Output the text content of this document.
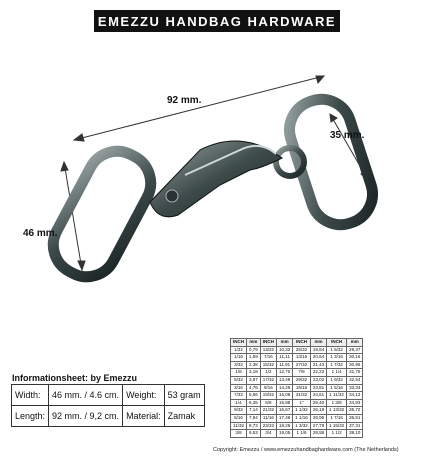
EMEZZU HANDBAG HARDWARE
92 mm.
46 mm.
35 mm.
Informationsheet: by Emezzu
Width:	46 mm. / 4.6 cm.	Weight:	53 gram
Length:	92 mm. / 9,2 cm.	Material:	Zamak
INCH	mm	INCH	mm	INCH	mm	INCH	mm
1/32	0,79	13/32	10,32	25/32	19,84	1 5/32	29,37
1/16	1,59	7/16	11,11	13/16	20,64	1 3/16	30,16
3/32	2,38	15/32	11,91	27/32	21,43	1 7/32	30,96
1/8	3,18	1/2	12,70	7/8	22,23	1 1/4	31,75
5/32	3,97	17/32	13,49	29/32	23,02	1 9/32	32,54
3/16	4,76	9/16	14,29	15/16	23,81	1 5/16	33,34
7/32	5,56	19/32	15,08	31/32	24,61	1 11/32	34,13
1/4	6,35	5/8	15,88	1"	25,40	1 3/8	34,93
9/32	7,14	21/32	16,67	1 1/32	26,19	1 13/32	35,72
5/16	7,94	11/16	17,46	1 1/16	26,99	1 7/16	36,51
11/32	8,73	23/32	18,26	1 3/32	27,78	1 15/32	37,31
3/8	9,53	3/4	19,05	1 1/8	28,58	1 1/2	38,10
Copyright: Emezzu / www.emezzuhandbaghardware.com (The Netherlands)
